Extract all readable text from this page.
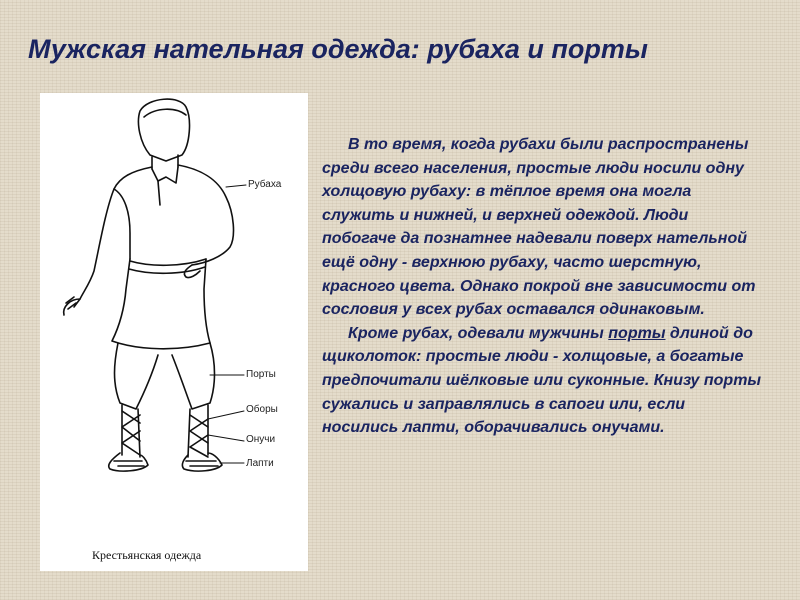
Мужская нательная одежда: рубаха и порты
Рубаха
Порты
Оборы
Онучи
Лапти
Крестьянская одежда

В то время, когда рубахи были распространены среди всего населения, простые люди носили одну холщовую рубаху: в тёплое время она могла служить и нижней, и верхней одеждой. Люди побогаче да познатнее надевали поверх нательной ещё одну - верхнюю рубаху, часто шерстную, красного цвета. Однако покрой вне зависимости от сословия у всех рубах оставался одинаковым.

Кроме рубах, одевали мужчины порты длиной до щиколоток: простые люди - холщовые, а богатые предпочитали шёлковые или суконные. Книзу порты сужались и заправлялись в сапоги или, если носились лапти, оборачивались онучами.
